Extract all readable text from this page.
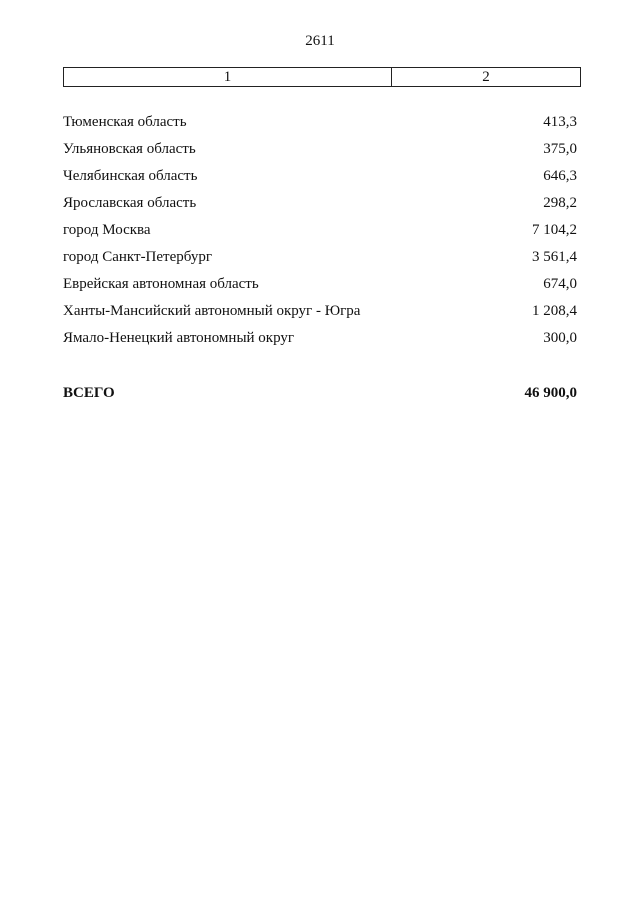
2611
1	2
Тюменская область	413,3
Ульяновская область	375,0
Челябинская область	646,3
Ярославская область	298,2
город Москва	7 104,2
город Санкт-Петербург	3 561,4
Еврейская автономная область	674,0
Ханты-Мансийский автономный округ - Югра	1 208,4
Ямало-Ненецкий автономный округ	300,0
ВСЕГО	46 900,0
